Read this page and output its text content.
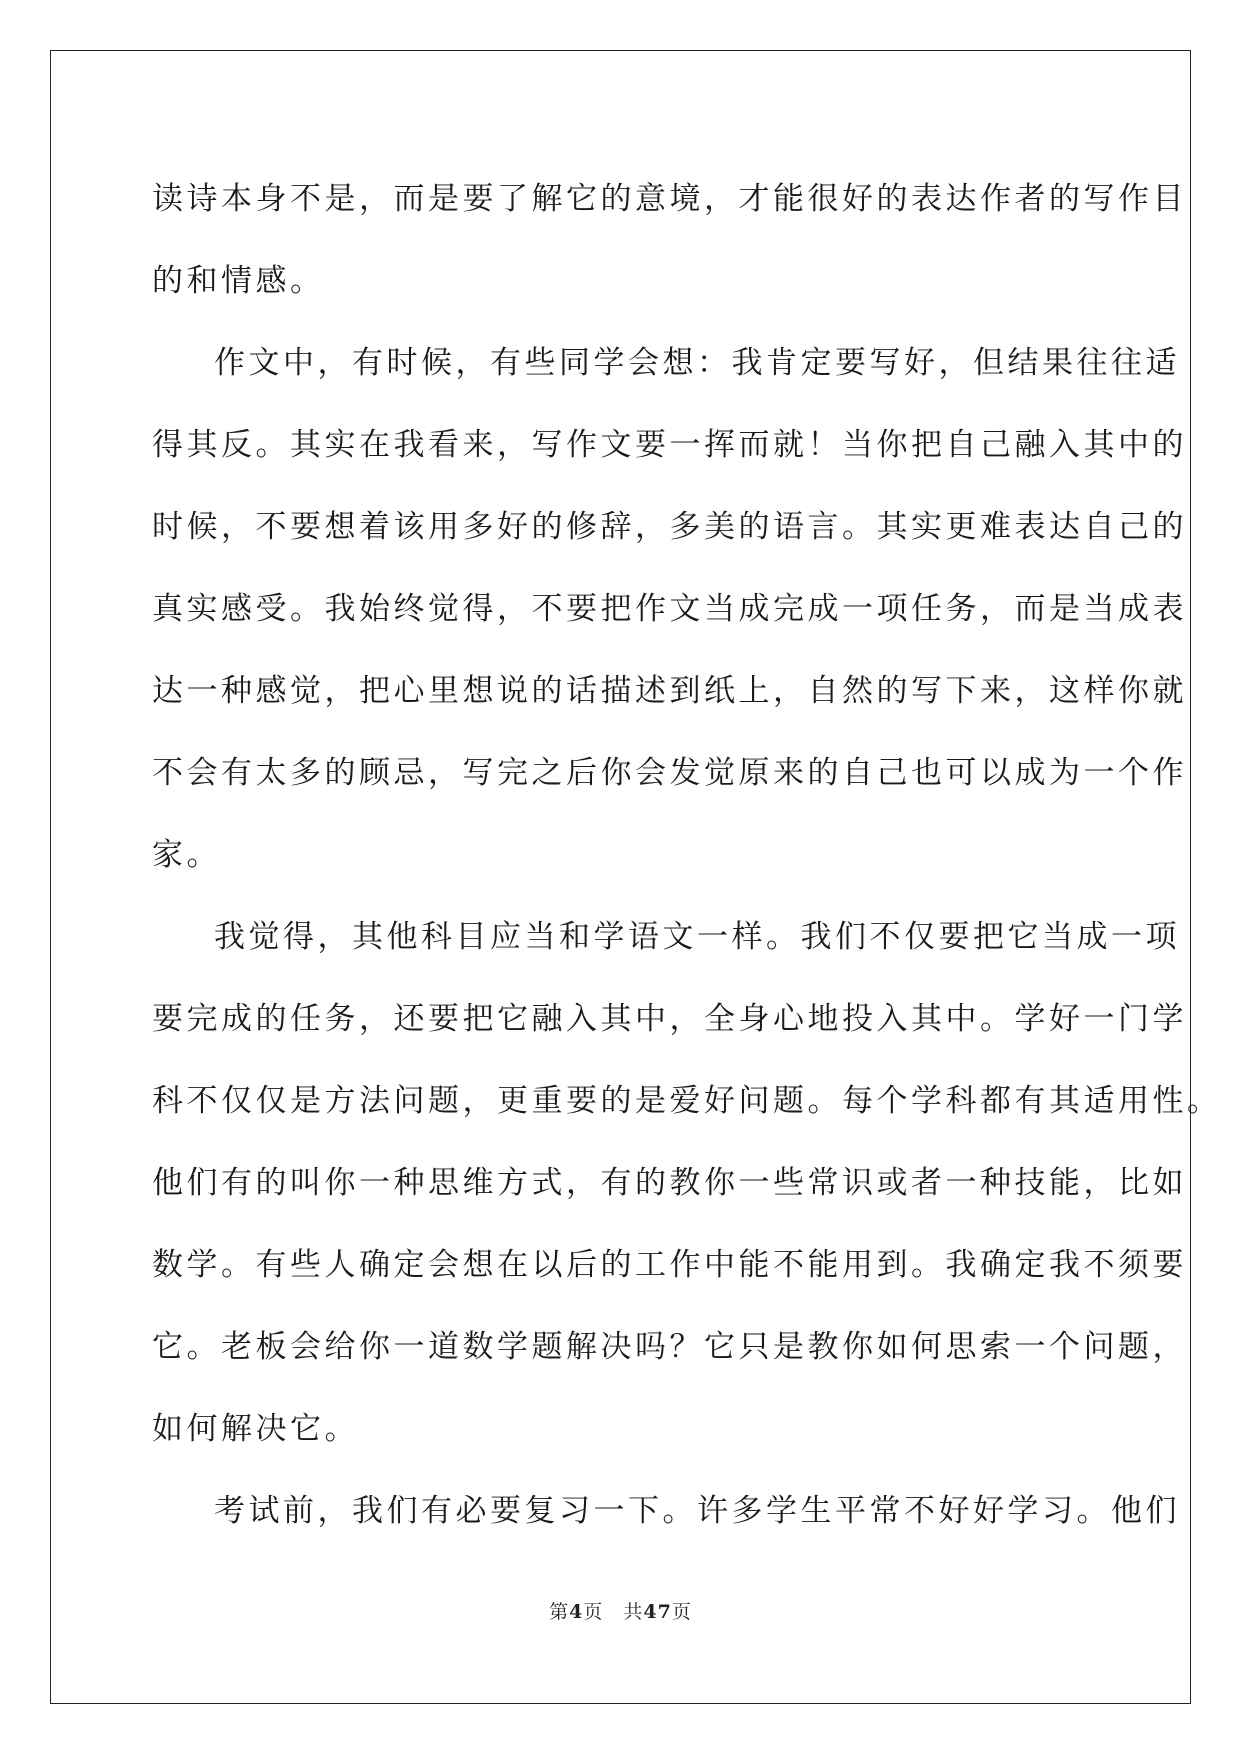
读诗本身不是，而是要了解它的意境，才能很好的表达作者的写作目
的和情感。
作文中，有时候，有些同学会想：我肯定要写好，但结果往往适
得其反。其实在我看来，写作文要一挥而就！当你把自己融入其中的
时候，不要想着该用多好的修辞，多美的语言。其实更难表达自己的
真实感受。我始终觉得，不要把作文当成完成一项任务，而是当成表
达一种感觉，把心里想说的话描述到纸上，自然的写下来，这样你就
不会有太多的顾忌，写完之后你会发觉原来的自己也可以成为一个作
家。
我觉得，其他科目应当和学语文一样。我们不仅要把它当成一项
要完成的任务，还要把它融入其中，全身心地投入其中。学好一门学
科不仅仅是方法问题，更重要的是爱好问题。每个学科都有其适用性。
他们有的叫你一种思维方式，有的教你一些常识或者一种技能，比如
数学。有些人确定会想在以后的工作中能不能用到。我确定我不须要
它。老板会给你一道数学题解决吗？它只是教你如何思索一个问题，
如何解决它。
考试前，我们有必要复习一下。许多学生平常不好好学习。他们
第4页 共47页
